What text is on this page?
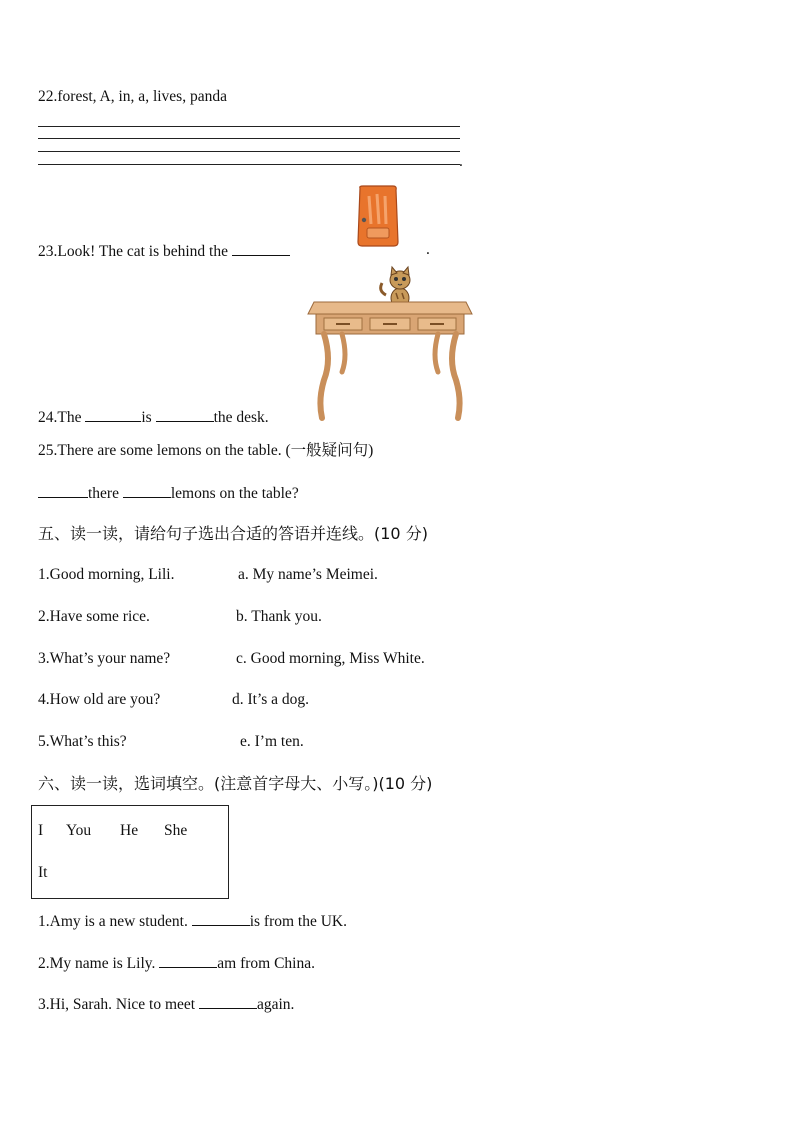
22.forest, A, in, a, lives, panda
.
23.Look! The cat is behind the	.
24.The	is	the desk.
25.There are some lemons on the table. (一般疑问句)
there	lemons on the table?
五、读一读，请给句子选出合适的答语并连线。(10 分)
1.Good morning, Lili.	a. My name’s Meimei.
2.Have some rice.	b. Thank you.
3.What’s your name?	c. Good morning, Miss White.
4.How old are you?	d. It’s a dog.
5.What’s this?	e. I’m ten.
六、读一读，选词填空。(注意首字母大、小写。)(10 分)
I You He She
It
1.Amy is a new student.	is from the UK.
2.My name is Lily.	am from China.
3.Hi, Sarah. Nice to meet	again.
